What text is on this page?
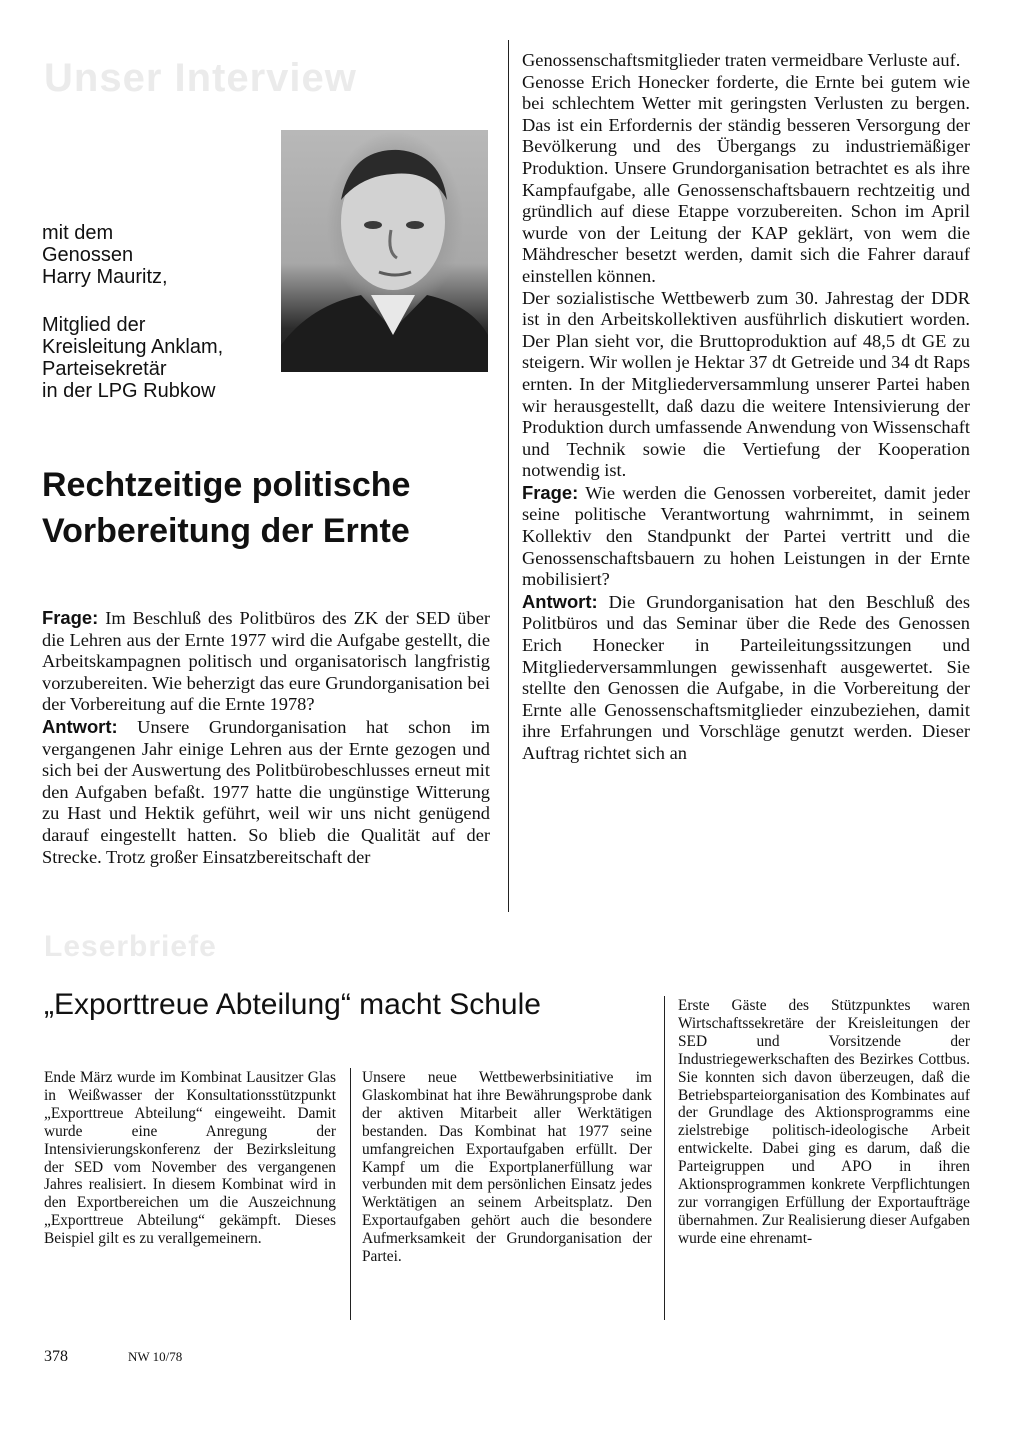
Unser Interview
Leserbriefe

mit dem

Genossen

Harry Mauritz,

Mitglied der

Kreisleitung Anklam,

Parteisekretär

in der LPG Rubkow

Rechtzeitige politische

Vorbereitung der Ernte

Frage: Im Beschluß des Politbüros des ZK der SED über die Lehren aus der Ernte 1977 wird die Aufgabe gestellt, die Arbeitskampagnen politisch und organisatorisch langfristig vorzubereiten. Wie beherzigt das eure Grundorganisation bei der Vorbereitung auf die Ernte 1978?

Antwort: Unsere Grundorganisation hat schon im vergangenen Jahr einige Lehren aus der Ernte gezogen und sich bei der Auswertung des Politbürobeschlusses erneut mit den Aufgaben befaßt. 1977 hatte die ungünstige Witterung zu Hast und Hektik geführt, weil wir uns nicht genügend darauf eingestellt hatten. So blieb die Qualität auf der Strecke. Trotz großer Einsatzbereitschaft der

Genossenschaftsmitglieder traten vermeidbare Verluste auf.

Genosse Erich Honecker forderte, die Ernte bei gutem wie bei schlechtem Wetter mit geringsten Verlusten zu bergen. Das ist ein Erfordernis der ständig besseren Versorgung der Bevölkerung und des Übergangs zu industriemäßiger Produktion. Unsere Grundorganisation betrachtet es als ihre Kampfaufgabe, alle Genossenschaftsbauern rechtzeitig und gründlich auf diese Etappe vorzubereiten. Schon im April wurde von der Leitung der KAP geklärt, von wem die Mähdrescher besetzt werden, damit sich die Fahrer darauf einstellen können.

Der sozialistische Wettbewerb zum 30. Jahrestag der DDR ist in den Arbeitskollektiven ausführlich diskutiert worden. Der Plan sieht vor, die Bruttoproduktion auf 48,5 dt GE zu steigern. Wir wollen je Hektar 37 dt Getreide und 34 dt Raps ernten. In der Mitgliederversammlung unserer Partei haben wir herausgestellt, daß dazu die weitere Intensivierung der Produktion durch umfassende Anwendung von Wissenschaft und Technik sowie die Vertiefung der Kooperation notwendig ist.

Frage: Wie werden die Genossen vorbereitet, damit jeder seine politische Verantwortung wahrnimmt, in seinem Kollektiv den Standpunkt der Partei vertritt und die Genossenschaftsbauern zu hohen Leistungen in der Ernte mobilisiert?

Antwort: Die Grundorganisation hat den Beschluß des Politbüros und das Seminar über die Rede des Genossen Erich Honecker in Parteileitungssitzungen und Mitgliederversammlungen gewissenhaft ausgewertet. Sie stellte den Genossen die Aufgabe, in die Vorbereitung der Ernte alle Genossenschaftsmitglieder einzubeziehen, damit ihre Erfahrungen und Vorschläge genutzt werden. Dieser Auftrag richtet sich an

„Exporttreue Abteilung“ macht Schule

Ende März wurde im Kombinat Lausitzer Glas in Weißwasser der Konsultationsstützpunkt „Exporttreue Abteilung“ eingeweiht. Damit wurde eine Anregung der Intensivierungskonferenz der Bezirksleitung der SED vom November des vergangenen Jahres realisiert. In diesem Kombinat wird in den Exportbereichen um die Auszeichnung „Exporttreue Abteilung“ gekämpft. Dieses Beispiel gilt es zu verallgemeinern.

Unsere neue Wettbewerbsinitiative im Glaskombinat hat ihre Bewährungsprobe dank der aktiven Mitarbeit aller Werktätigen bestanden. Das Kombinat hat 1977 seine umfangreichen Exportaufgaben erfüllt. Der Kampf um die Exportplanerfüllung war verbunden mit dem persönlichen Einsatz jedes Werktätigen an seinem Arbeitsplatz. Den Exportaufgaben gehört auch die besondere Aufmerksamkeit der Grundorganisation der Partei.

Erste Gäste des Stützpunktes waren Wirtschaftssekretäre der Kreisleitungen der SED und Vorsitzende der Industriegewerkschaften des Bezirkes Cottbus. Sie konnten sich davon überzeugen, daß die Betriebsparteiorganisation des Kombinates auf der Grundlage des Aktionsprogramms eine zielstrebige politisch-ideologische Arbeit entwickelte. Dabei ging es darum, daß die Parteigruppen und APO in ihren Aktionsprogrammen konkrete Verpflichtungen zur vorrangigen Erfüllung der Exportaufträge übernahmen. Zur Realisierung dieser Aufgaben wurde eine ehrenamt-

378	NW 10/78
